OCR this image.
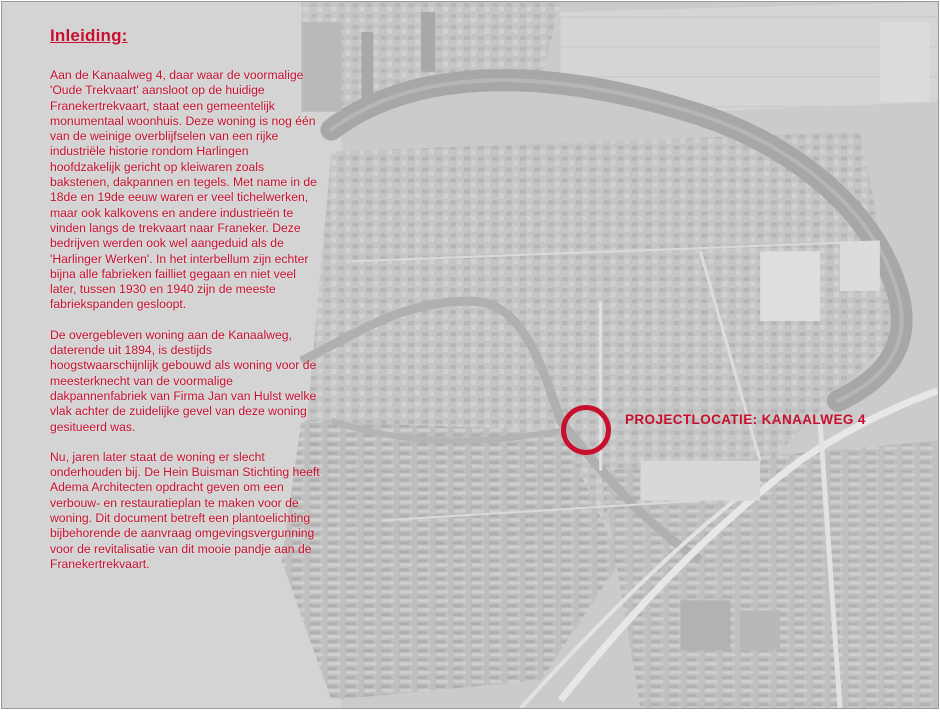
Inleiding:

Aan de Kanaalweg 4, daar waar de voormalige 'Oude Trekvaart' aansloot op de huidige Franekertrekvaart, staat een gemeentelijk monumentaal woonhuis. Deze woning is nog één van de weinige overblijfselen van een rijke industriële historie rondom Harlingen hoofdzakelijk gericht op kleiwaren zoals bakstenen, dakpannen en tegels. Met name in de 18de en 19de eeuw waren er veel tichelwerken, maar ook kalkovens en andere industrieën te vinden langs de trekvaart naar Franeker. Deze bedrijven werden ook wel aangeduid als de 'Harlinger Werken'. In het interbellum zijn echter bijna alle fabrieken failliet gegaan en niet veel later, tussen 1930 en 1940 zijn de meeste fabriekspanden gesloopt.

De overgebleven woning aan de Kanaalweg, daterende uit 1894, is destijds hoogstwaarschijnlijk gebouwd als woning voor de meesterknecht van de voormalige dakpannenfabriek van Firma Jan van Hulst welke vlak achter de zuidelijke gevel van deze woning gesitueerd was.

Nu, jaren later staat de woning er slecht onderhouden bij. De Hein Buisman Stichting heeft Adema Architecten opdracht geven om een verbouw- en restauratieplan te maken voor de woning. Dit document betreft een plantoelichting bijbehorende de aanvraag omgevingsvergunning voor de revitalisatie van dit mooie pandje aan de Franekertrekvaart.

PROJECTLOCATIE: KANAALWEG 4
